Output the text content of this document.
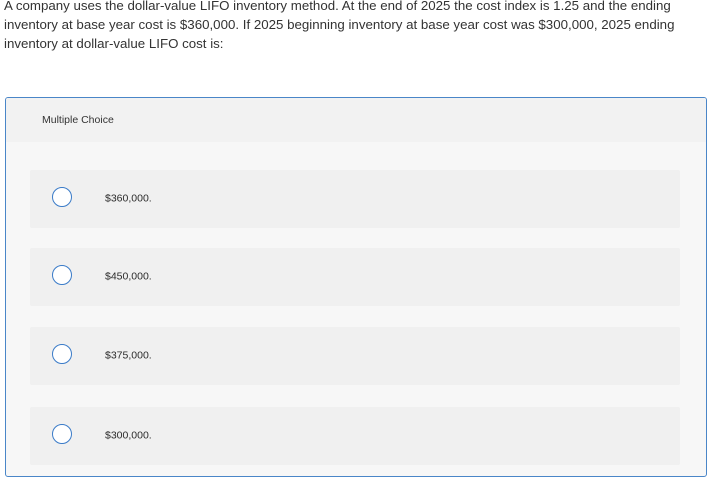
A company uses the dollar-value LIFO inventory method. At the end of 2025 the cost index is 1.25 and the ending inventory at base year cost is $360,000. If 2025 beginning inventory at base year cost was $300,000, 2025 ending inventory at dollar-value LIFO cost is:

Multiple Choice
$360,000.
$450,000.
$375,000.
$300,000.
